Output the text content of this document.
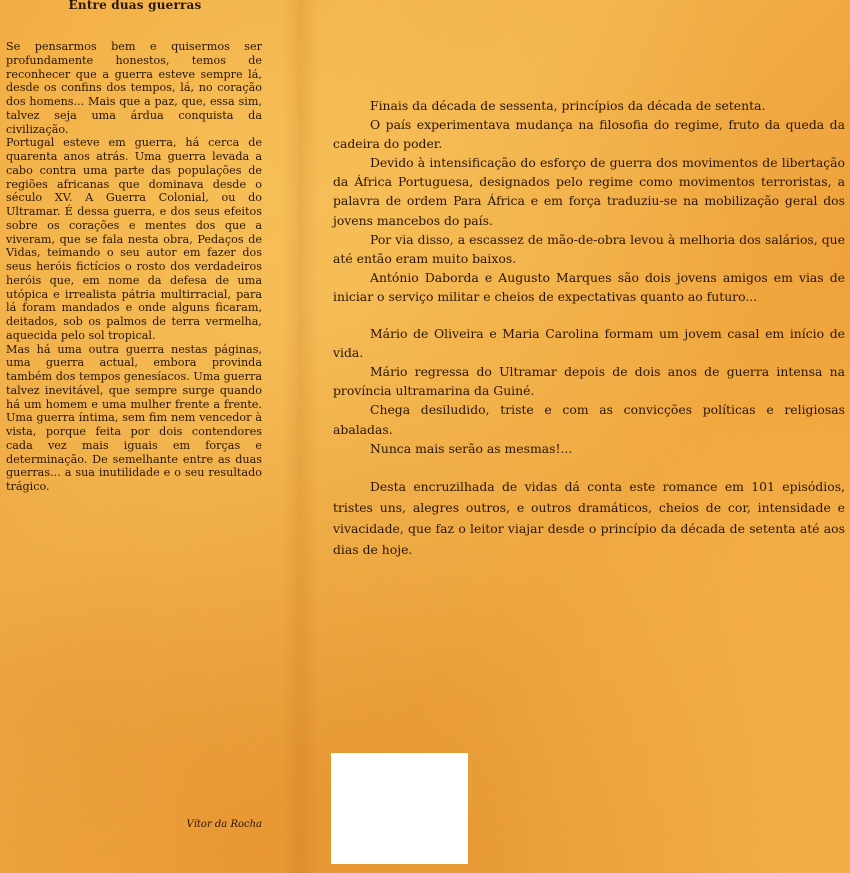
Entre duas guerras

Se pensarmos bem e quisermos ser profundamente honestos, temos de reconhecer que a guerra esteve sempre lá, desde os confins dos tempos, lá, no coração dos homens... Mais que a paz, que, essa sim, talvez seja uma árdua conquista da civilização.

Portugal esteve em guerra, há cerca de quarenta anos atrás. Uma guerra levada a cabo contra uma parte das populações de regiões africanas que dominava desde o século XV. A Guerra Colonial, ou do Ultramar. É dessa guerra, e dos seus efeitos sobre os corações e mentes dos que a viveram, que se fala nesta obra, Pedaços de Vidas, teimando o seu autor em fazer dos seus heróis fictícios o rosto dos verdadeiros heróis que, em nome da defesa de uma utópica e irrealista pátria multirracial, para lá foram mandados e onde alguns ficaram, deitados, sob os palmos de terra vermelha, aquecida pelo sol tropical.

Mas há uma outra guerra nestas páginas, uma guerra actual, embora provinda também dos tempos genesíacos. Uma guerra talvez inevitável, que sempre surge quando há um homem e uma mulher frente a frente. Uma guerra íntima, sem fim nem vencedor à vista, porque feita por dois contendores cada vez mais iguais em forças e determinação. De semelhante entre as duas guerras... a sua inutilidade e o seu resultado trágico.

Vítor da Rocha

Finais da década de sessenta, princípios da década de setenta.

O país experimentava mudança na filosofia do regime, fruto da queda da cadeira do poder.

Devido à intensificação do esforço de guerra dos movimentos de libertação da África Portuguesa, designados pelo regime como movimentos terroristas, a palavra de ordem Para África e em força traduziu-se na mobilização geral dos jovens mancebos do país.

Por via disso, a escassez de mão-de-obra levou à melhoria dos salários, que até então eram muito baixos.

António Daborda e Augusto Marques são dois jovens amigos em vias de iniciar o serviço militar e cheios de expectativas quanto ao futuro...

Mário de Oliveira e Maria Carolina formam um jovem casal em início de vida.

Mário regressa do Ultramar depois de dois anos de guerra intensa na província ultramarina da Guiné.

Chega desiludido, triste e com as convicções políticas e religiosas abaladas.

Nunca mais serão as mesmas!...

Desta encruzilhada de vidas dá conta este romance em 101 episódios, tristes uns, alegres outros, e outros dramáticos, cheios de cor, intensidade e vivacidade, que faz o leitor viajar desde o princípio da década de setenta até aos dias de hoje.
